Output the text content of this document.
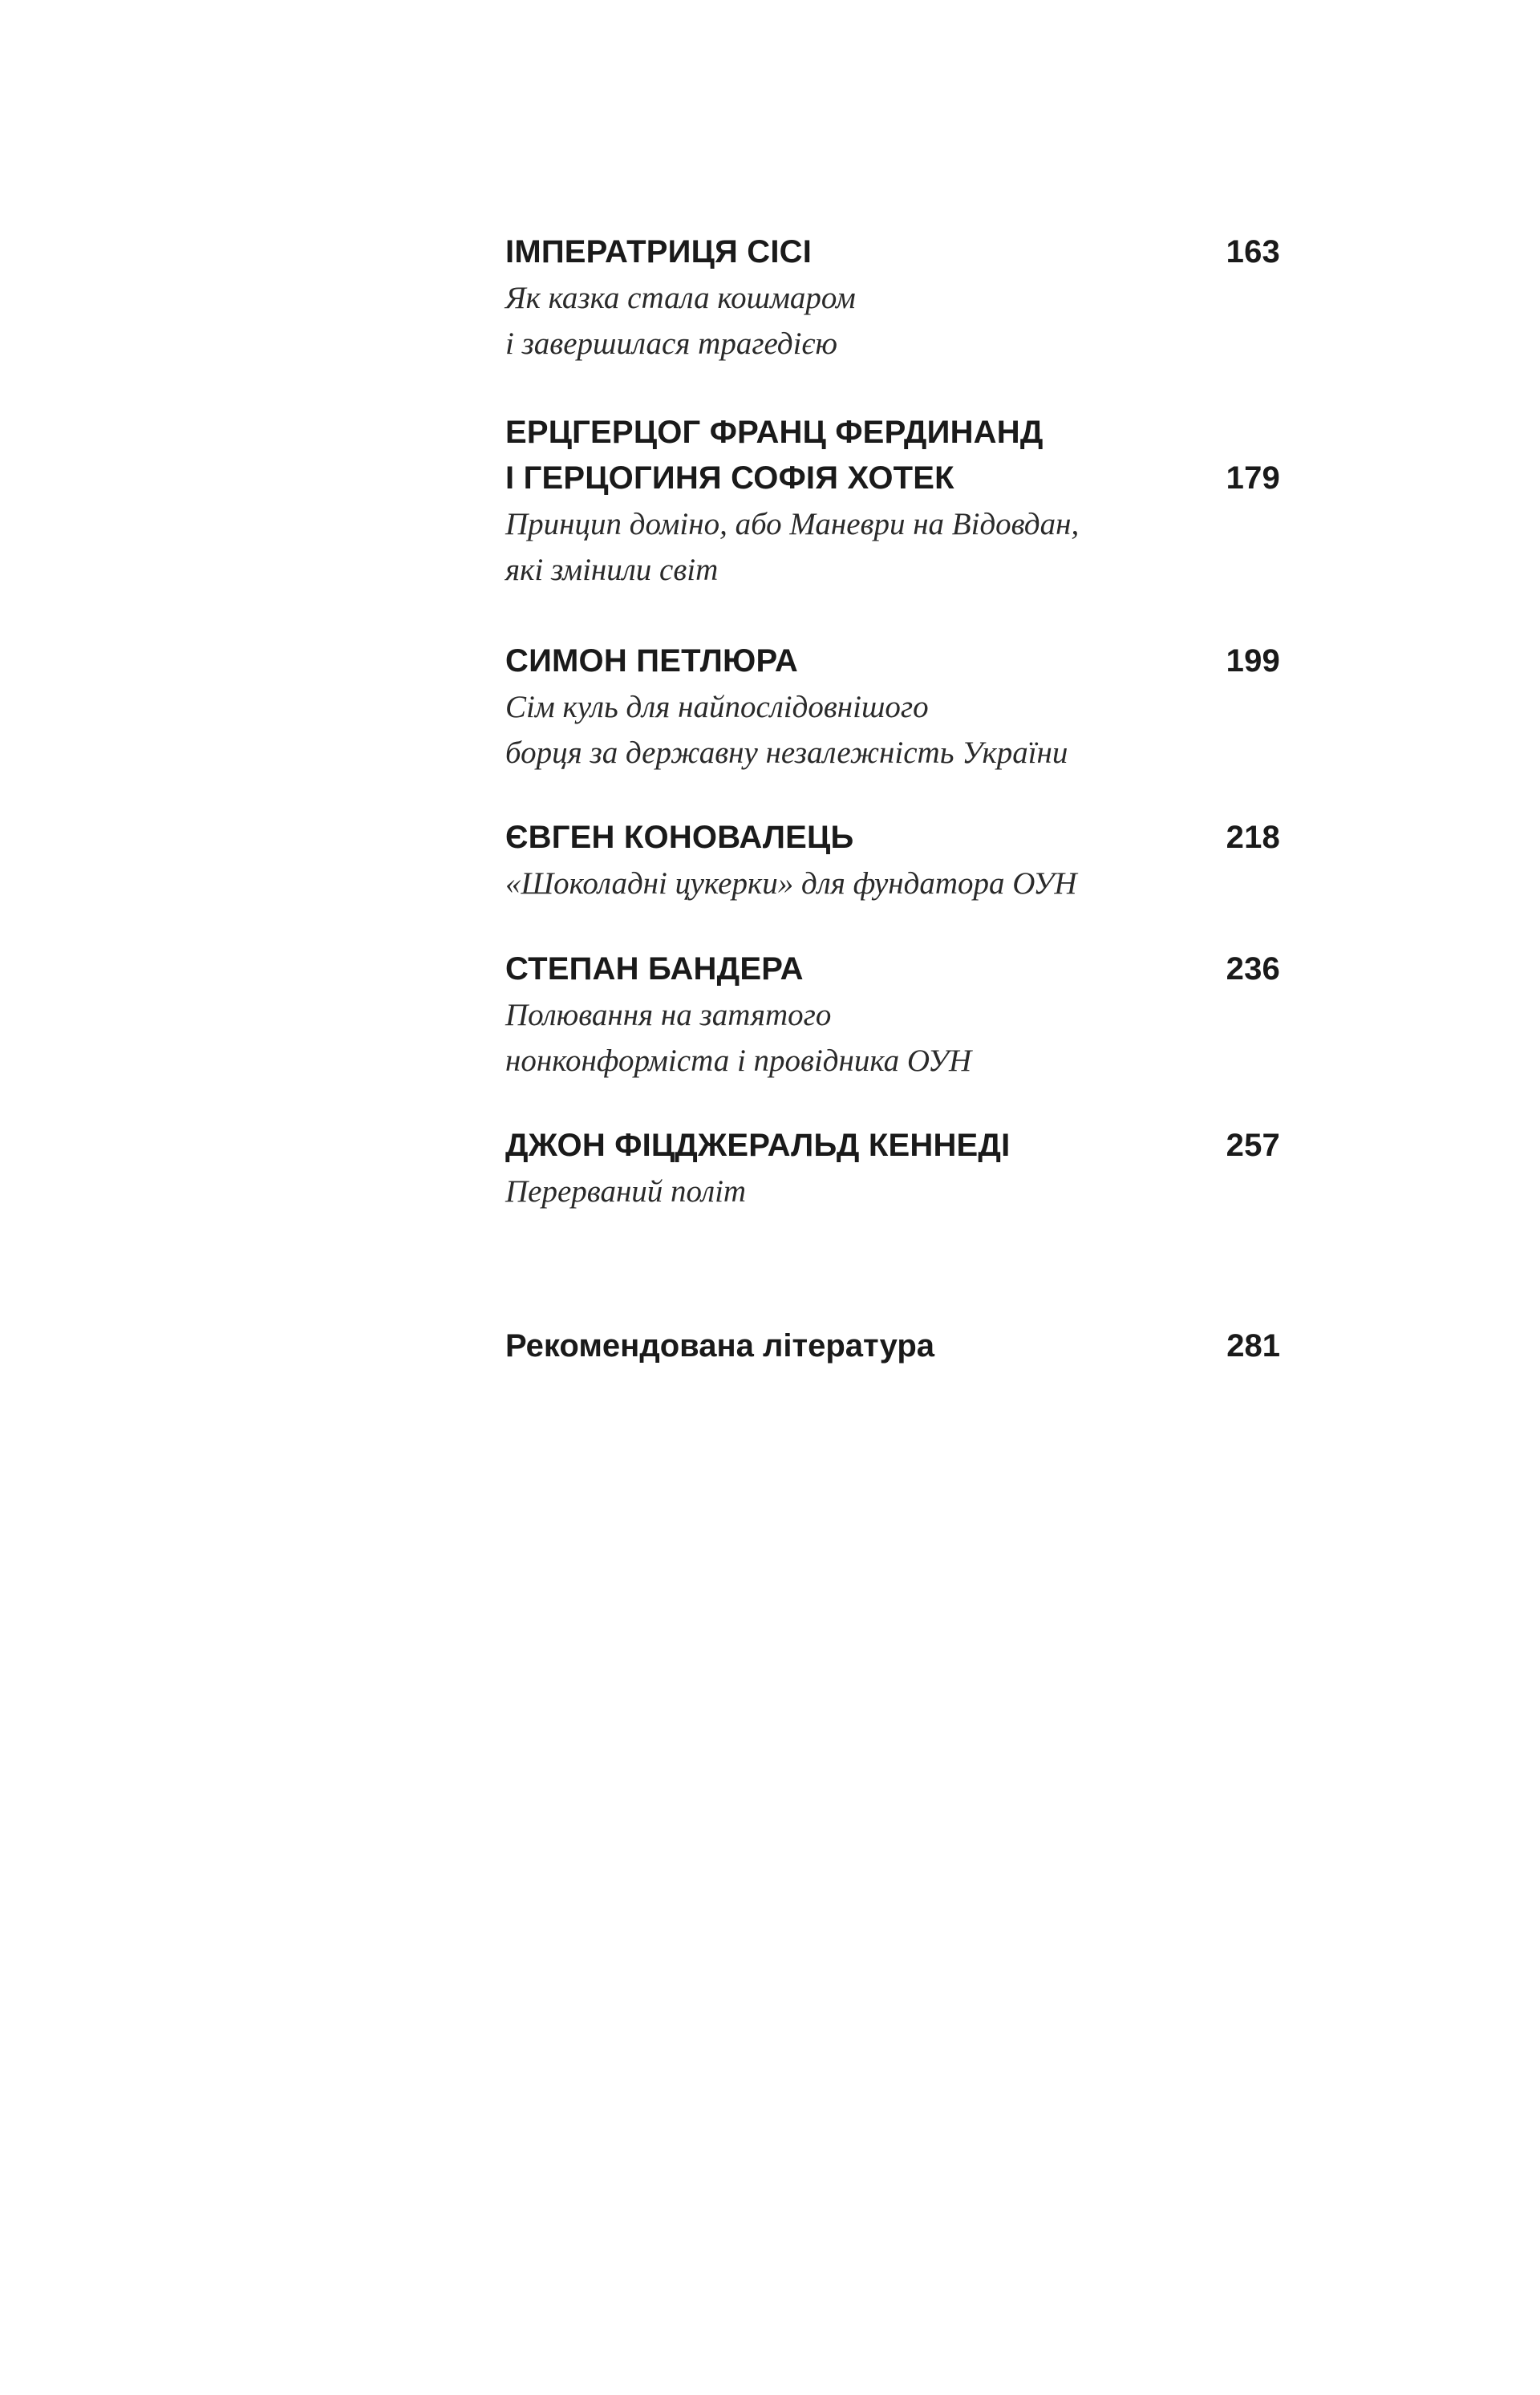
ІМПЕРАТРИЦЯ СІСІ	163
Як казка стала кошмаром
і завершилася трагедією
ЕРЦГЕРЦОГ ФРАНЦ ФЕРДИНАНД
І ГЕРЦОГИНЯ СОФІЯ ХОТЕК	179
Принцип доміно, або Маневри на Відовдан,
які змінили світ
СИМОН ПЕТЛЮРА	199
Сім куль для найпослідовнішого
борця за державну незалежність України
ЄВГЕН КОНОВАЛЕЦЬ	218
«Шоколадні цукерки» для фундатора ОУН
СТЕПАН БАНДЕРА	236
Полювання на затятого
нонконформіста і провідника ОУН
ДЖОН ФІЦДЖЕРАЛЬД КЕННЕДІ	257
Перерваний політ
Рекомендована література	281
